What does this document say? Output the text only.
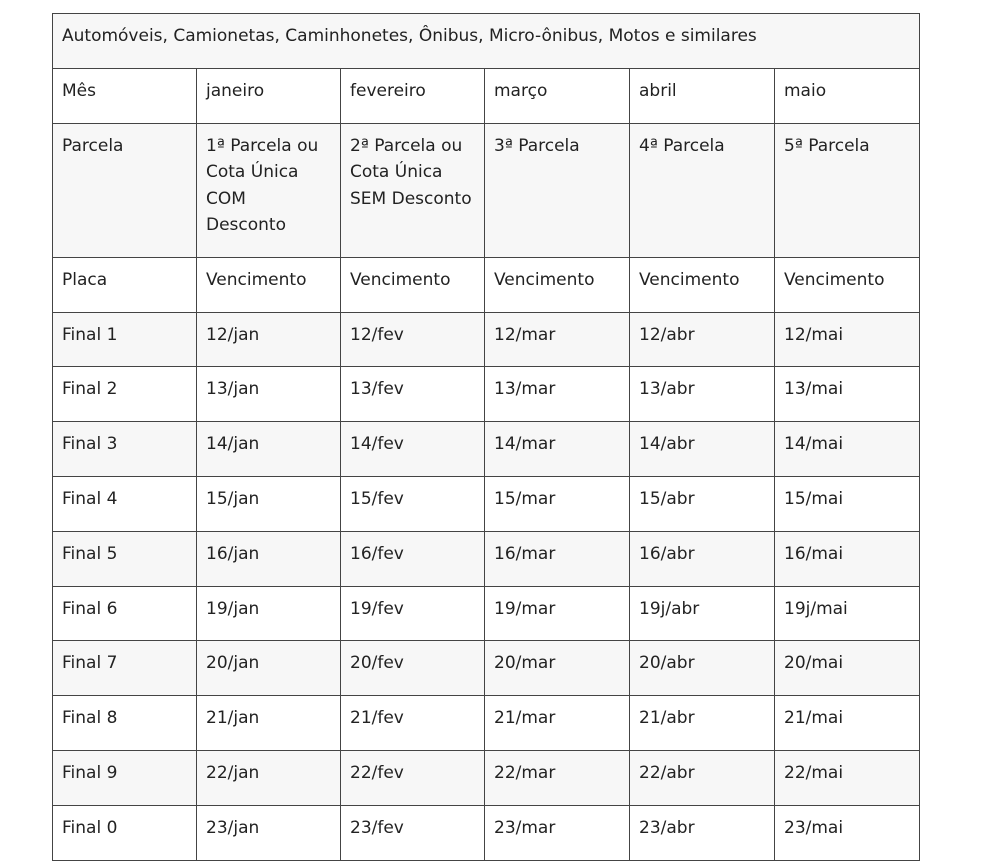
Automóveis, Camionetas, Caminhonetes, Ônibus, Micro-ônibus, Motos e similares					
Mês	janeiro	fevereiro	março	abril	maio
Parcela	1ª Parcela ou Cota Única COM Desconto	2ª Parcela ou Cota Única SEM Desconto	3ª Parcela	4ª Parcela	5ª Parcela
Placa	Vencimento	Vencimento	Vencimento	Vencimento	Vencimento
Final 1	12/jan	12/fev	12/mar	12/abr	12/mai
Final 2	13/jan	13/fev	13/mar	13/abr	13/mai
Final 3	14/jan	14/fev	14/mar	14/abr	14/mai
Final 4	15/jan	15/fev	15/mar	15/abr	15/mai
Final 5	16/jan	16/fev	16/mar	16/abr	16/mai
Final 6	19/jan	19/fev	19/mar	19j/abr	19j/mai
Final 7	20/jan	20/fev	20/mar	20/abr	20/mai
Final 8	21/jan	21/fev	21/mar	21/abr	21/mai
Final 9	22/jan	22/fev	22/mar	22/abr	22/mai
Final 0	23/jan	23/fev	23/mar	23/abr	23/mai
